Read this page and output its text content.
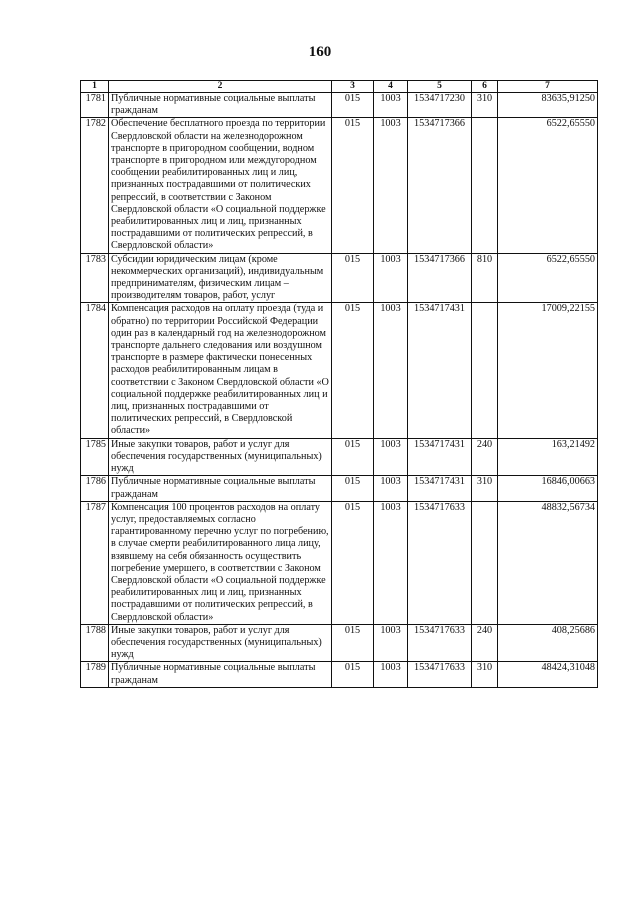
160
1	2	3	4	5	6	7
1781	Публичные нормативные социальные выплаты гражданам	015	1003	1534717230	310	83635,91250
1782	Обеспечение бесплатного проезда по территории Свердловской области на железнодорожном транспорте в пригородном сообщении, водном транспорте в пригородном или междугородном сообщении реабилитированных лиц и лиц, признанных пострадавшими от политических репрессий, в соответствии с Законом Свердловской области «О социальной поддержке реабилитированных лиц и лиц, признанных пострадавшими от политических репрессий, в Свердловской области»	015	1003	1534717366		6522,65550
1783	Субсидии юридическим лицам (кроме некоммерческих организаций), индивидуальным предпринимателям, физическим лицам – производителям товаров, работ, услуг	015	1003	1534717366	810	6522,65550
1784	Компенсация расходов на оплату проезда (туда и обратно) по территории Российской Федерации один раз в календарный год на железнодорожном транспорте дальнего следования или воздушном транспорте в размере фактически понесенных расходов реабилитированным лицам в соответствии с Законом Свердловской области «О социальной поддержке реабилитированных лиц и лиц, признанных пострадавшими от политических репрессий, в Свердловской области»	015	1003	1534717431		17009,22155
1785	Иные закупки товаров, работ и услуг для обеспечения государственных (муниципальных) нужд	015	1003	1534717431	240	163,21492
1786	Публичные нормативные социальные выплаты гражданам	015	1003	1534717431	310	16846,00663
1787	Компенсация 100 процентов расходов на оплату услуг, предоставляемых согласно гарантированному перечню услуг по погребению, в случае смерти реабилитированного лица лицу, взявшему на себя обязанность осуществить погребение умершего, в соответствии с Законом Свердловской области «О социальной поддержке реабилитированных лиц и лиц, признанных пострадавшими от политических репрессий, в Свердловской области»	015	1003	1534717633		48832,56734
1788	Иные закупки товаров, работ и услуг для обеспечения государственных (муниципальных) нужд	015	1003	1534717633	240	408,25686
1789	Публичные нормативные социальные выплаты гражданам	015	1003	1534717633	310	48424,31048
